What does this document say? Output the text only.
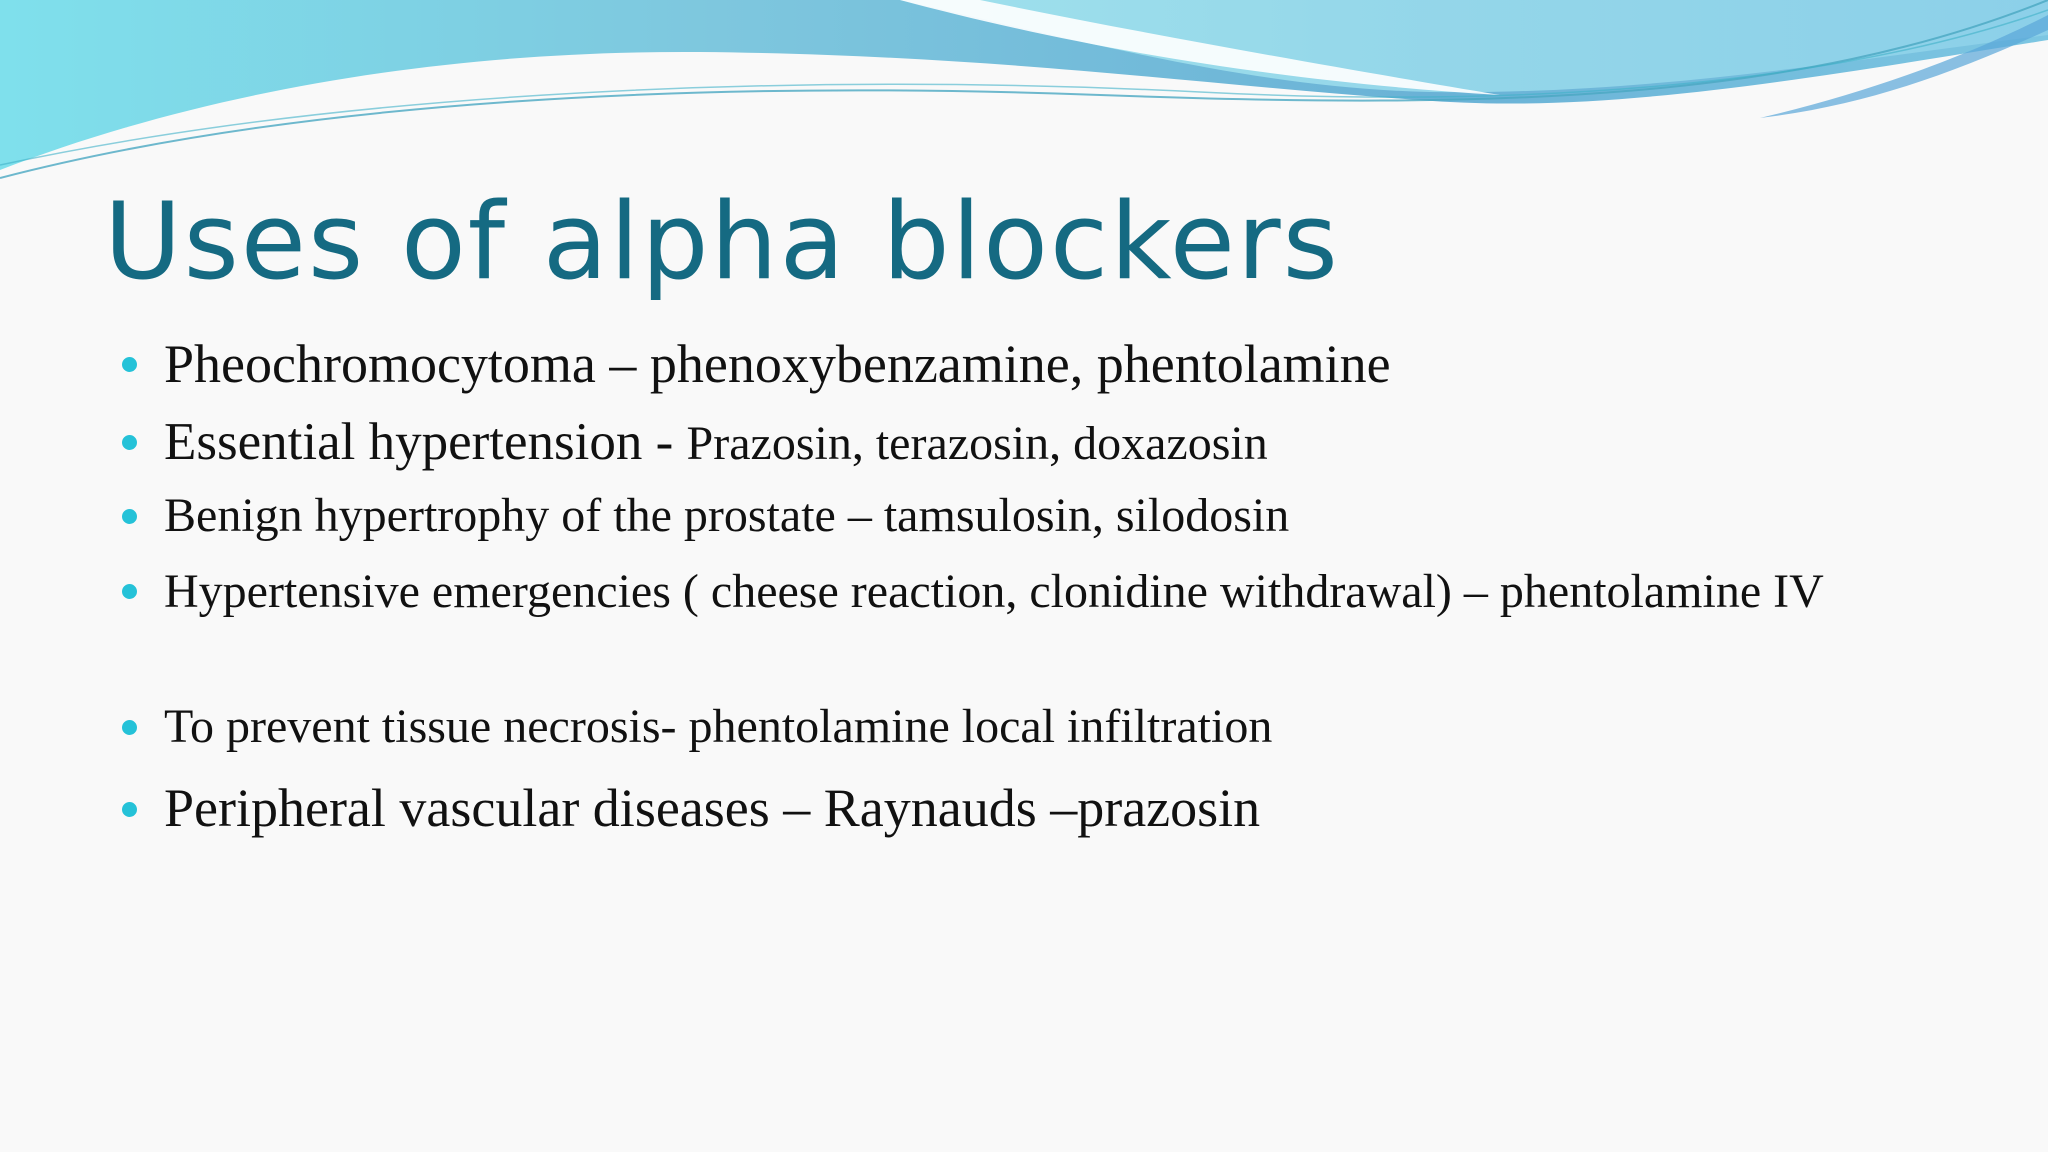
Uses of alpha blockers
Pheochromocytoma – phenoxybenzamine, phentolamine
Essential hypertension - Prazosin, terazosin, doxazosin
Benign hypertrophy of the prostate – tamsulosin, silodosin
Hypertensive emergencies ( cheese reaction, clonidine withdrawal) – phentolamine IV
To prevent tissue necrosis- phentolamine local infiltration
Peripheral vascular diseases – Raynauds –prazosin
